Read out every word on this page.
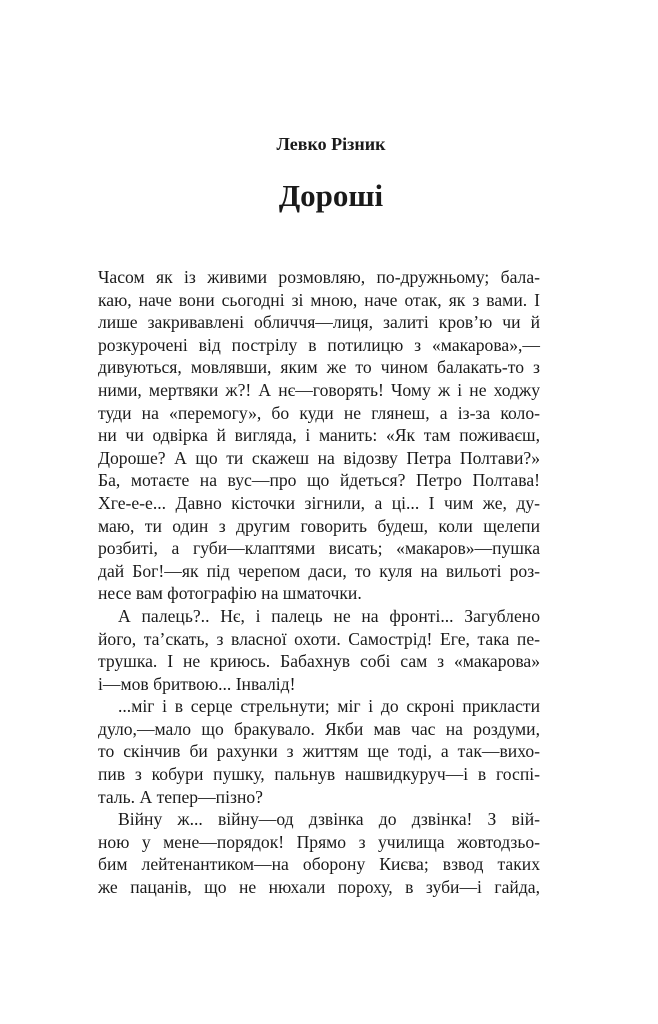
Левко Різник
Дороші
Часом як із живими розмовляю, по-дружньому; бала-
каю, наче вони сьогодні зі мною, наче отак, як з вами. І
лише закривавлені обличчя—лиця, залиті кров’ю чи й
розкурочені від пострілу в потилицю з «макарова»,—
дивуються, мовлявши, яким же то чином балакать-то з
ними, мертвяки ж?! А нє—говорять! Чому ж і не ходжу
туди на «перемогу», бо куди не глянеш, а із-за коло-
ни чи одвірка й вигляда, і манить: «Як там поживаєш,
Дороше? А що ти скажеш на відозву Петра Полтави?»
Ба, мотаєте на вус—про що йдеться? Петро Полтава!
Хге-е-е... Давно кісточки зігнили, а ці... І чим же, ду-
маю, ти один з другим говорить будеш, коли щелепи
розбиті, а губи—клаптями висать; «макаров»—пушка
дай Бог!—як під черепом даси, то куля на вильоті роз-
несе вам фотографію на шматочки.
А палець?.. Нє, і палець не на фронті... Загублено
його, та’скать, з власної охоти. Самострід! Еге, така пе-
трушка. І не криюсь. Бабахнув собі сам з «макарова»
і—мов бритвою... Інвалід!
...міг і в серце стрельнути; міг і до скроні прикласти
дуло,—мало що бракувало. Якби мав час на роздуми,
то скінчив би рахунки з життям ще тоді, а так—вихо-
пив з кобури пушку, пальнув нашвидкуруч—і в госпі-
таль. А тепер—пізно?
Війну ж... війну—од дзвінка до дзвінка! З вій-
ною у мене—порядок! Прямо з училища жовтодзьо-
бим лейтенантиком—на оборону Києва; взвод таких
же пацанів, що не нюхали пороху, в зуби—і гайда,
